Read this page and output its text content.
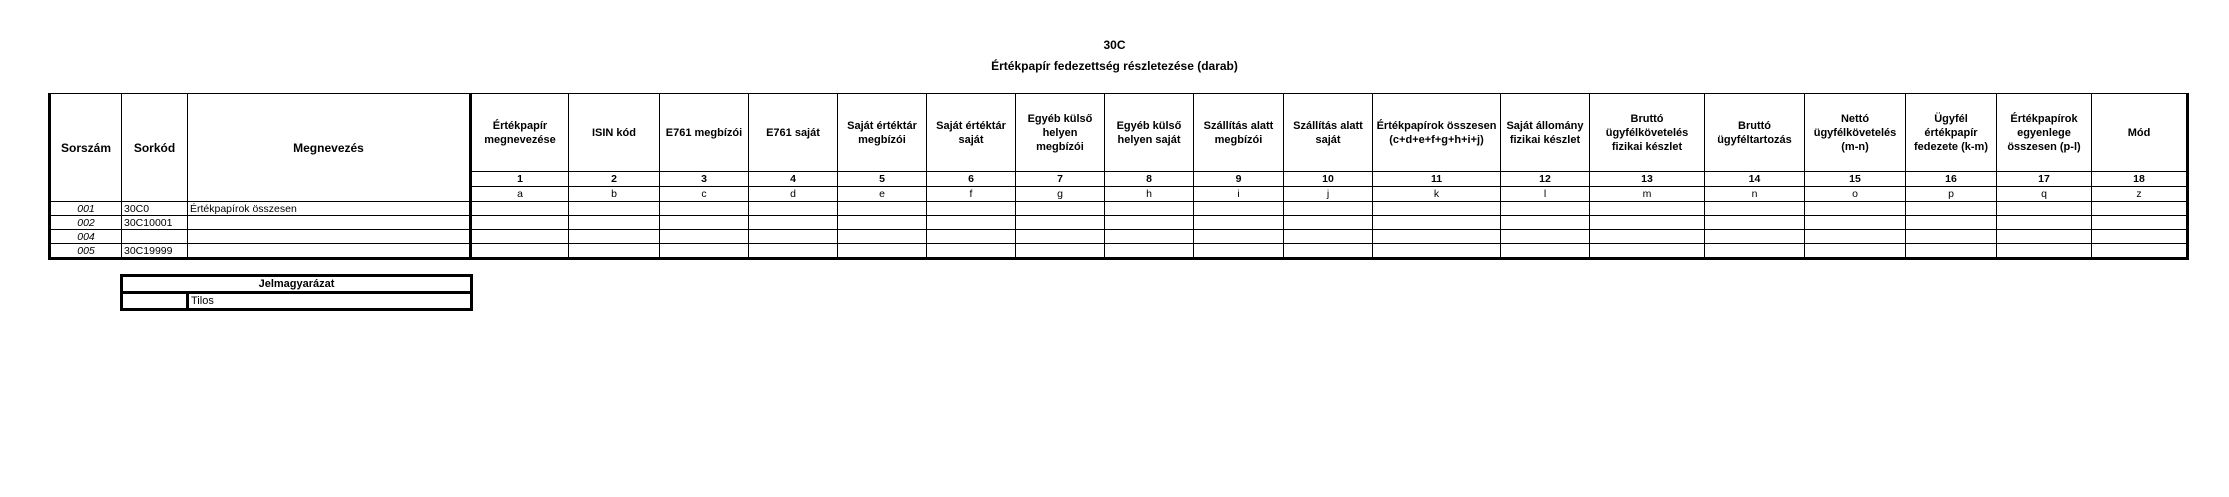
30C
Értékpapír fedezettség részletezése (darab)
Sorszám	Sorkód	Megnevezés	Értékpapír megnevezése	ISIN kód	E761 megbízói	E761 saját	Saját értéktár megbízói	Saját értéktár saját	Egyéb külső helyen megbízói	Egyéb külső helyen saját	Szállítás alatt megbízói	Szállítás alatt saját	Értékpapírok összesen (c+d+e+f+g+h+i+j)	Saját állomány fizikai készlet	Bruttó ügyfélkövetelés fizikai készlet	Bruttó ügyféltartozás	Nettó ügyfélkövetelés (m-n)	Ügyfél értékpapír fedezete (k-m)	Értékpapírok egyenlege összesen (p-l)	Mód
			1	2	3	4	5	6	7	8	9	10	11	12	13	14	15	16	17	18
			a	b	c	d	e	f	g	h	i	j	k	l	m	n	o	p	q	z
001	30C0	Értékpapírok összesen																		
002	30C10001																			
004																				
005	30C19999																			
Jelmagyarázat
	Tilos
